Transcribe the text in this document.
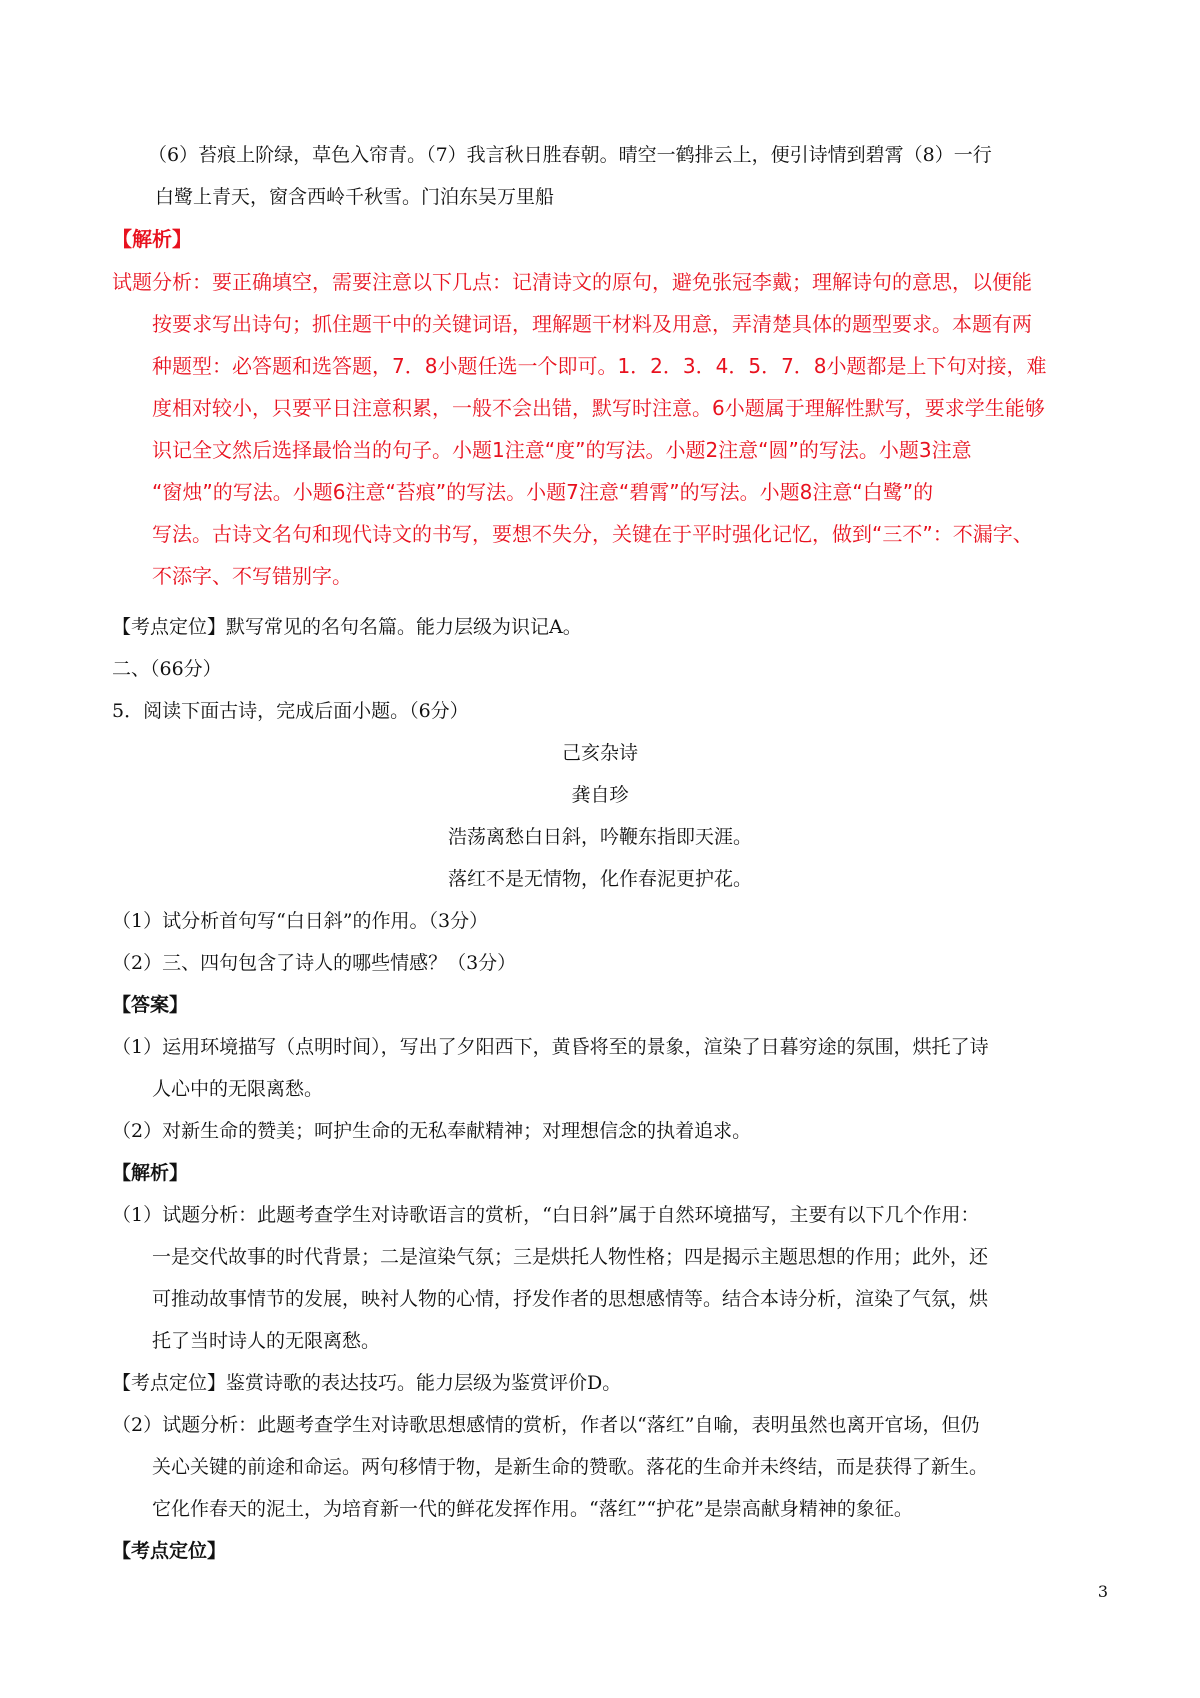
（6）苔痕上阶绿，草色入帘青。（7）我言秋日胜春朝。晴空一鹤排云上，便引诗情到碧霄（8）一行
白鹭上青天，窗含西岭千秋雪。门泊东吴万里船
【解析】
试题分析：要正确填空，需要注意以下几点：记清诗文的原句，避免张冠李戴；理解诗句的意思，以便能
按要求写出诗句；抓住题干中的关键词语，理解题干材料及用意，弄清楚具体的题型要求。本题有两
种题型：必答题和选答题，7．8小题任选一个即可。1．2．3．4．5．7．8小题都是上下句对接，难
度相对较小，只要平日注意积累，一般不会出错，默写时注意。6小题属于理解性默写，要求学生能够
识记全文然后选择最恰当的句子。小题1注意“度”的写法。小题2注意“圆”的写法。小题3注意
“窗烛”的写法。小题6注意“苔痕”的写法。小题7注意“碧霄”的写法。小题8注意“白鹭”的
写法。古诗文名句和现代诗文的书写，要想不失分，关键在于平时强化记忆，做到“三不”：不漏字、
不添字、不写错别字。
【考点定位】默写常见的名句名篇。能力层级为识记A。
二、（66分）
5．阅读下面古诗，完成后面小题。（6分）
己亥杂诗
龚自珍
浩荡离愁白日斜，吟鞭东指即天涯。
落红不是无情物，化作春泥更护花。
（1）试分析首句写“白日斜”的作用。（3分）
（2）三、四句包含了诗人的哪些情感？（3分）
【答案】
（1）运用环境描写（点明时间），写出了夕阳西下，黄昏将至的景象，渲染了日暮穷途的氛围，烘托了诗
人心中的无限离愁。
（2）对新生命的赞美；呵护生命的无私奉献精神；对理想信念的执着追求。
【解析】
（1）试题分析：此题考查学生对诗歌语言的赏析，“白日斜”属于自然环境描写，主要有以下几个作用：
一是交代故事的时代背景；二是渲染气氛；三是烘托人物性格；四是揭示主题思想的作用；此外，还
可推动故事情节的发展，映衬人物的心情，抒发作者的思想感情等。结合本诗分析，渲染了气氛，烘
托了当时诗人的无限离愁。
【考点定位】鉴赏诗歌的表达技巧。能力层级为鉴赏评价D。
（2）试题分析：此题考查学生对诗歌思想感情的赏析，作者以“落红”自喻，表明虽然也离开官场，但仍
关心关键的前途和命运。两句移情于物，是新生命的赞歌。落花的生命并未终结，而是获得了新生。
它化作春天的泥土，为培育新一代的鲜花发挥作用。“落红”“护花”是崇高献身精神的象征。
【考点定位】
3
